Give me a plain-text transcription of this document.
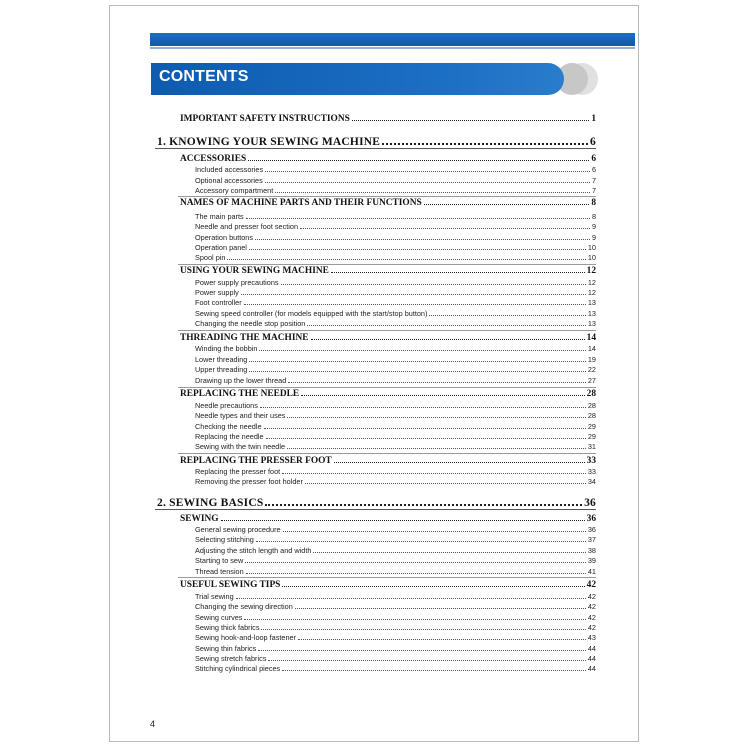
CONTENTS
IMPORTANT SAFETY INSTRUCTIONS	1
1. KNOWING YOUR SEWING MACHINE	6
ACCESSORIES	6
Included accessories	6
Optional accessories	7
Accessory compartment	7
NAMES OF MACHINE PARTS AND THEIR FUNCTIONS	8
The main parts	8
Needle and presser foot section	9
Operation buttons	9
Operation panel	10
Spool pin	10
USING YOUR SEWING MACHINE	12
Power supply precautions	12
Power supply	12
Foot controller	13
Sewing speed controller (for models equipped with the start/stop button)	13
Changing the needle stop position	13
THREADING THE MACHINE	14
Winding the bobbin	14
Lower threading	19
Upper threading	22
Drawing up the lower thread	27
REPLACING THE NEEDLE	28
Needle precautions	28
Needle types and their uses	28
Checking the needle	29
Replacing the needle	29
Sewing with the twin needle	31
REPLACING THE PRESSER FOOT	33
Replacing the presser foot	33
Removing the presser foot holder	34
2. SEWING BASICS	36
SEWING	36
General sewing procedure	36
Selecting stitching	37
Adjusting the stitch length and width	38
Starting to sew	39
Thread tension	41
USEFUL SEWING TIPS	42
Trial sewing	42
Changing the sewing direction	42
Sewing curves	42
Sewing thick fabrics	42
Sewing hook-and-loop fastener	43
Sewing thin fabrics	44
Sewing stretch fabrics	44
Stitching cylindrical pieces	44
4
